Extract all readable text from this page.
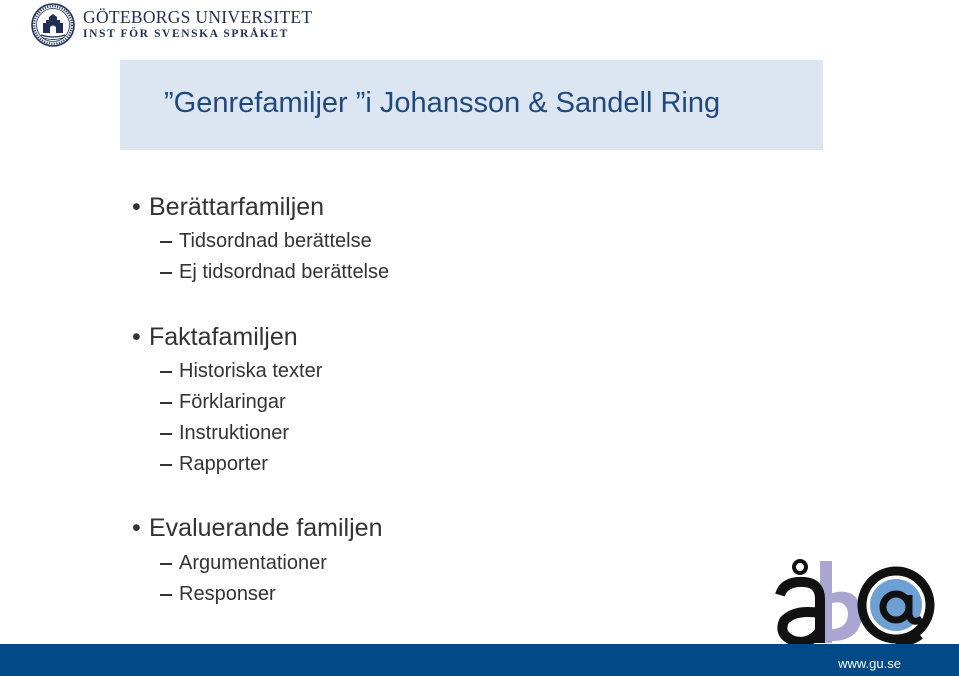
GÖTEBORGS UNIVERSITET
INST FÖR SVENSKA SPRÅKET
”Genrefamiljer ”i Johansson & Sandell Ring
• Berättarfamiljen
Tidsordnad berättelse
Ej tidsordnad berättelse
• Faktafamiljen
Historiska texter
Förklaringar
Instruktioner
Rapporter
• Evaluerande familjen
Argumentationer
Responser
www.gu.se
